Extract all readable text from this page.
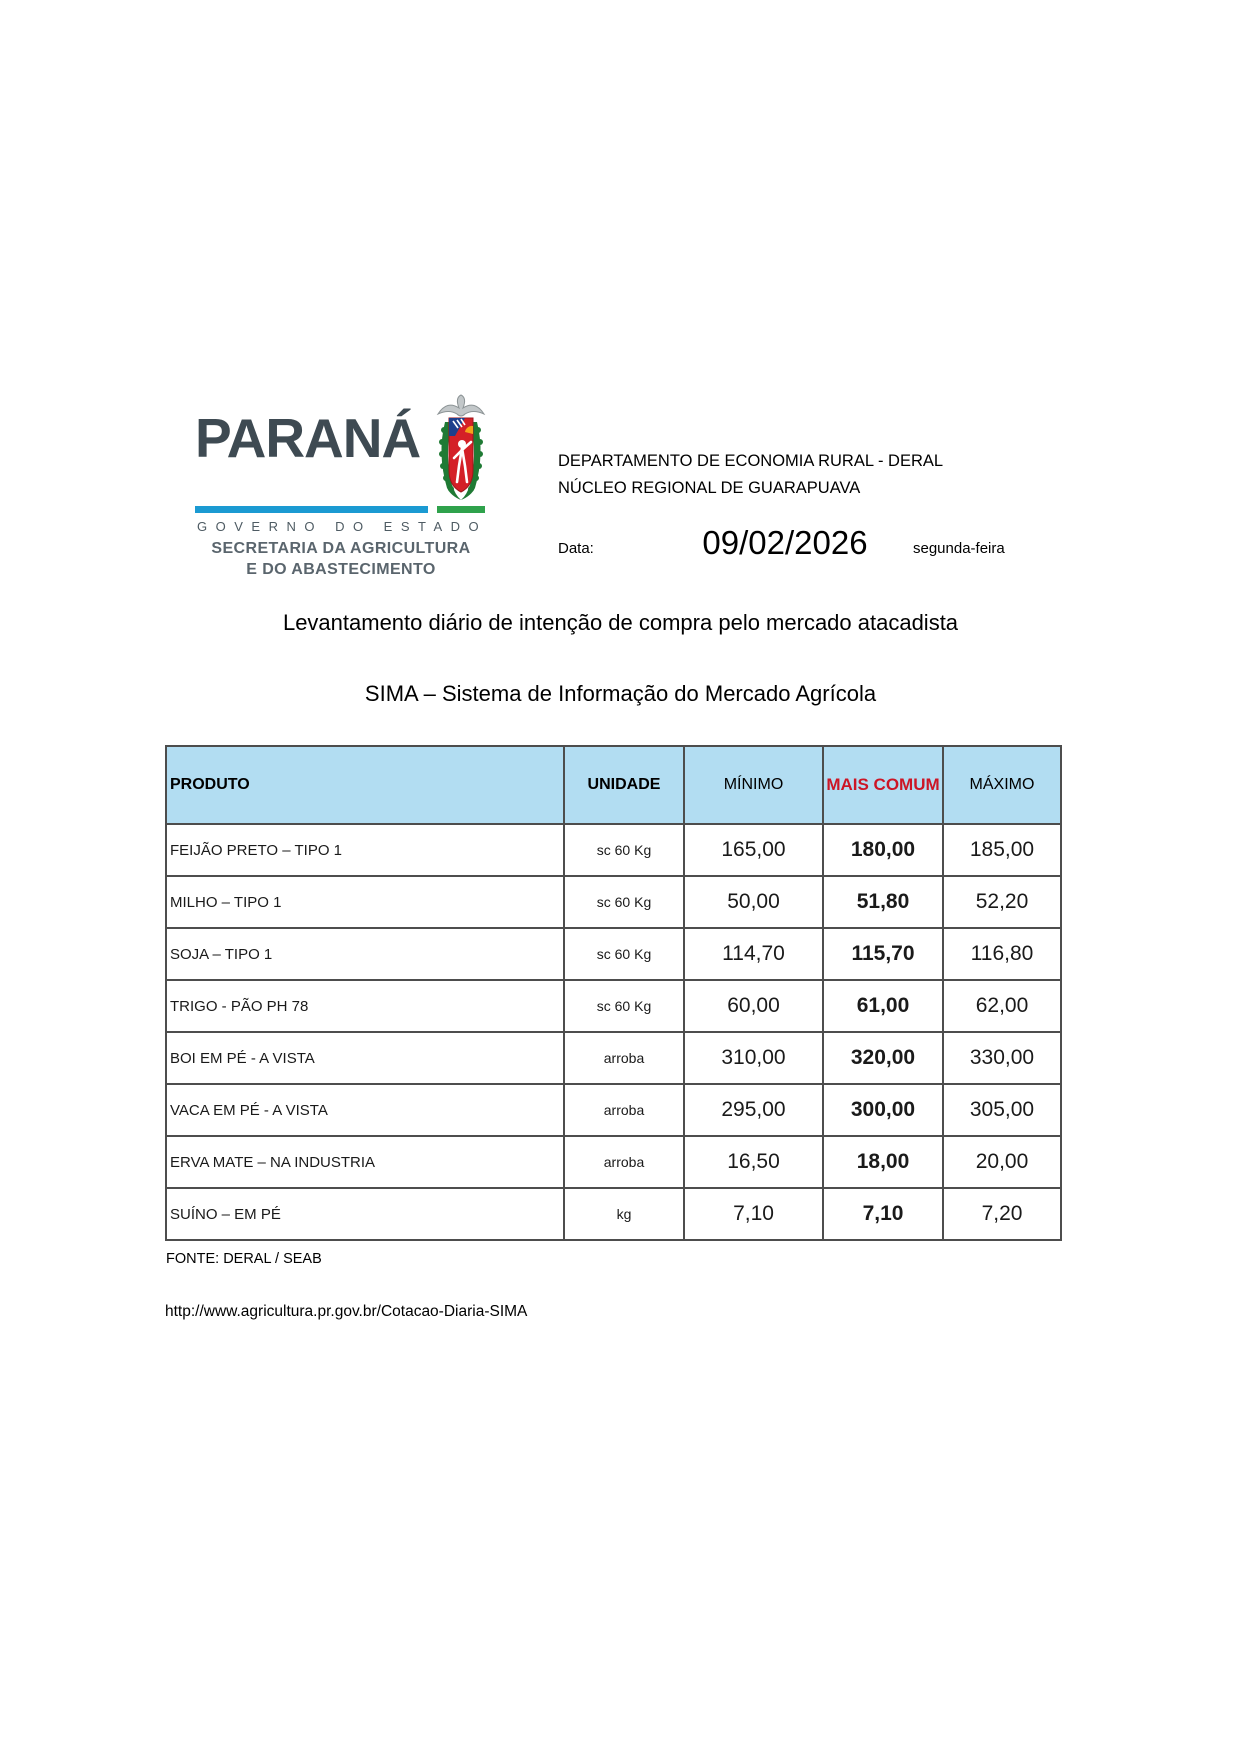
PARANÁ
GOVERNO DO ESTADO
SECRETARIA DA AGRICULTURA
E DO ABASTECIMENTO
DEPARTAMENTO DE ECONOMIA RURAL - DERAL
NÚCLEO REGIONAL DE GUARAPUAVA
Data:	09/02/2026	segunda-feira
Levantamento diário de intenção de compra pelo mercado atacadista
SIMA – Sistema de Informação do Mercado Agrícola
PRODUTO	UNIDADE	MÍNIMO	MAIS COMUM	MÁXIMO
FEIJÃO PRETO – TIPO 1	sc 60 Kg	165,00	180,00	185,00
MILHO – TIPO 1	sc 60 Kg	50,00	51,80	52,20
SOJA – TIPO 1	sc 60 Kg	114,70	115,70	116,80
TRIGO - PÃO PH 78	sc 60 Kg	60,00	61,00	62,00
BOI EM PÉ - A VISTA	arroba	310,00	320,00	330,00
VACA EM PÉ - A VISTA	arroba	295,00	300,00	305,00
ERVA MATE – NA INDUSTRIA	arroba	16,50	18,00	20,00
SUÍNO – EM PÉ	kg	7,10	7,10	7,20
FONTE: DERAL / SEAB
http://www.agricultura.pr.gov.br/Cotacao-Diaria-SIMA
